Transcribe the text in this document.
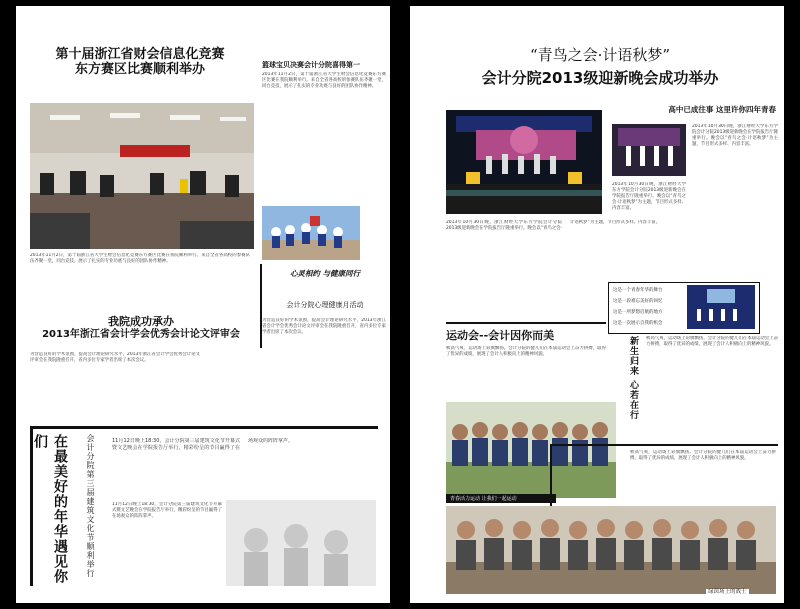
第十届浙江省财会信息化竞赛
东方赛区比赛顺利举办
2013年11月2日，第十届浙江省大学生财会信息化竞赛东方赛区比赛在我院顺利举行。来自全省各高校的参赛队伍齐聚一堂，同台竞技，展示了扎实的专业功底与良好的团队协作精神。
篮球宝贝决赛会计分院喜得第一
2013年11月2日，第十届浙江省大学生财会信息化竞赛东方赛区比赛在我院顺利举行。来自全省各高校的参赛队伍齐聚一堂，同台竞技，展示了扎实的专业功底与良好的团队协作精神。
心灵相约 与健康同行
会计分院心理健康月活动
为营造良好的学术氛围，提高会计理论研究水平，2013年浙江省会计学会优秀会计论文评审会在我院隆重召开，省内多位专家学者出席了本次会议。
我院成功承办
2013年浙江省会计学会优秀会计论文评审会
为营造良好的学术氛围，提高会计理论研究水平，2013年浙江省会计学会优秀会计论文评审会在我院隆重召开，省内多位专家学者出席了本次会议。
在最美好的年华遇见你们	会计分院第三届建筑文化节顺利举行	11月12日晚上18:30，会计分院第三届建筑文化节开幕式暨文艺晚会在学院报告厅举行，精彩纷呈的节目赢得了在场观众的阵阵掌声。
11月12日晚上18:30，会计分院第三届建筑文化节开幕式暨文艺晚会在学院报告厅举行，精彩纷呈的节目赢得了在场观众的阵阵掌声。
“青鸟之会·计语秋梦”
会计分院2013级迎新晚会成功举办
高中已成往事 这里许你四年青春
2013年10月30日晚，浙江财经大学东方学院会计分院2013级迎新晚会在学院报告厅隆重举行。晚会以“青鸟之会·计语秋梦”为主题，节目形式多样、内容丰富。
2013年10月30日晚，浙江财经大学东方学院会计分院2013级迎新晚会在学院报告厅隆重举行。晚会以“青鸟之会·计语秋梦”为主题，节目形式多样、内容丰富。
2013年10月30日晚，浙江财经大学东方学院会计分院2013级迎新晚会在学院报告厅隆重举行。晚会以“青鸟之会·计语秋梦”为主题，节目形式多样、内容丰富。
这是一个青春年华的舞台
这是一段难忘美好的回忆
这是一所梦想启航的地方
这是一次展示自我的机会
运动会--会计因你而美
秋高气爽，运动场上彩旗飘扬。会计分院的健儿们在本届运动会上奋力拼搏，取得了优异的成绩，展现了会计人积极向上的精神风貌。	新生归来 心若在行	秋高气爽，运动场上彩旗飘扬。会计分院的健儿们在本届运动会上奋力拼搏，取得了优异的成绩，展现了会计人积极向上的精神风貌。
青春活力运动 让我们一起运动
秋高气爽，运动场上彩旗飘扬。会计分院的健儿们在本届运动会上奋力拼搏，取得了优异的成绩，展现了会计人积极向上的精神风貌。
绿茵场上的战士
